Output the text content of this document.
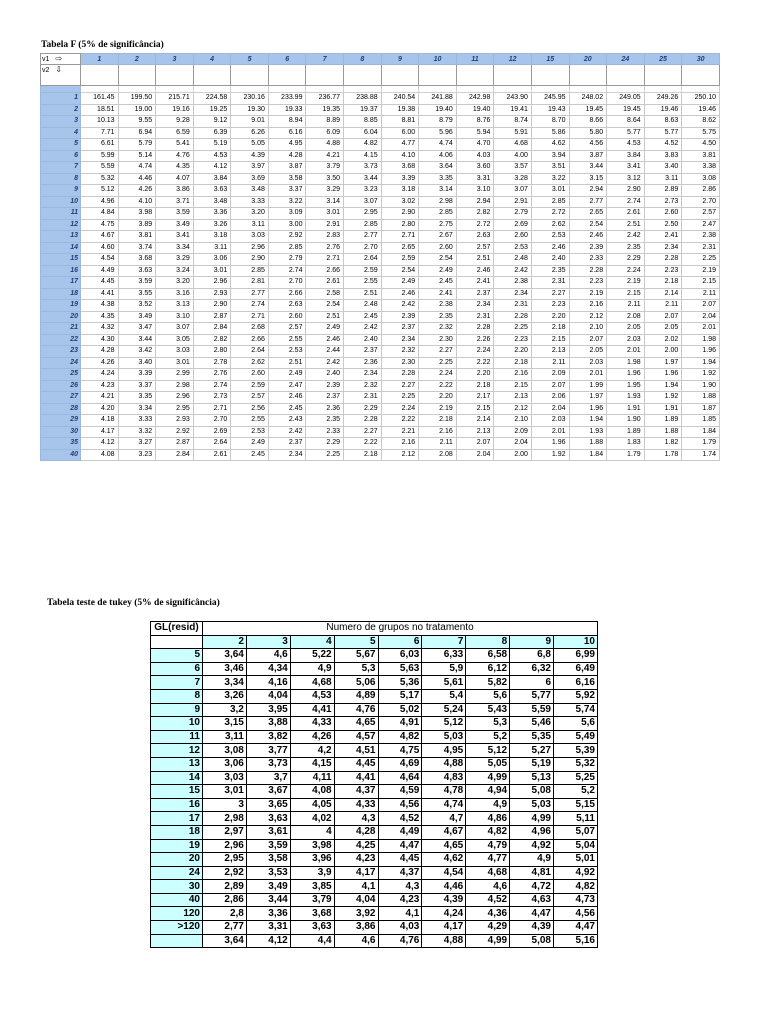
Tabela F (5% de significância)
v1 ⇨	1	2	3	4	5	6	7	8	9	10	11	12	15	20	24	25	30
v2 ⇩																	

1	161.45	199.50	215.71	224.58	230.16	233.99	236.77	238.88	240.54	241.88	242.98	243.90	245.95	248.02	249.05	249.26	250.10
2	18.51	19.00	19.16	19.25	19.30	19.33	19.35	19.37	19.38	19.40	19.40	19.41	19.43	19.45	19.45	19.46	19.46
3	10.13	9.55	9.28	9.12	9.01	8.94	8.89	8.85	8.81	8.79	8.76	8.74	8.70	8.66	8.64	8.63	8.62
4	7.71	6.94	6.59	6.39	6.26	6.16	6.09	6.04	6.00	5.96	5.94	5.91	5.86	5.80	5.77	5.77	5.75
5	6.61	5.79	5.41	5.19	5.05	4.95	4.88	4.82	4.77	4.74	4.70	4.68	4.62	4.56	4.53	4.52	4.50
6	5.99	5.14	4.76	4.53	4.39	4.28	4.21	4.15	4.10	4.06	4.03	4.00	3.94	3.87	3.84	3.83	3.81
7	5.59	4.74	4.35	4.12	3.97	3.87	3.79	3.73	3.68	3.64	3.60	3.57	3.51	3.44	3.41	3.40	3.38
8	5.32	4.46	4.07	3.84	3.69	3.58	3.50	3.44	3.39	3.35	3.31	3.28	3.22	3.15	3.12	3.11	3.08
9	5.12	4.26	3.86	3.63	3.48	3.37	3.29	3.23	3.18	3.14	3.10	3.07	3.01	2.94	2.90	2.89	2.86
10	4.96	4.10	3.71	3.48	3.33	3.22	3.14	3.07	3.02	2.98	2.94	2.91	2.85	2.77	2.74	2.73	2.70
11	4.84	3.98	3.59	3.36	3.20	3.09	3.01	2.95	2.90	2.85	2.82	2.79	2.72	2.65	2.61	2.60	2.57
12	4.75	3.89	3.49	3.26	3.11	3.00	2.91	2.85	2.80	2.75	2.72	2.69	2.62	2.54	2.51	2.50	2.47
13	4.67	3.81	3.41	3.18	3.03	2.92	2.83	2.77	2.71	2.67	2.63	2.60	2.53	2.46	2.42	2.41	2.38
14	4.60	3.74	3.34	3.11	2.96	2.85	2.76	2.70	2.65	2.60	2.57	2.53	2.46	2.39	2.35	2.34	2.31
15	4.54	3.68	3.29	3.06	2.90	2.79	2.71	2.64	2.59	2.54	2.51	2.48	2.40	2.33	2.29	2.28	2.25
16	4.49	3.63	3.24	3.01	2.85	2.74	2.66	2.59	2.54	2.49	2.46	2.42	2.35	2.28	2.24	2.23	2.19
17	4.45	3.59	3.20	2.96	2.81	2.70	2.61	2.55	2.49	2.45	2.41	2.38	2.31	2.23	2.19	2.18	2.15
18	4.41	3.55	3.16	2.93	2.77	2.66	2.58	2.51	2.46	2.41	2.37	2.34	2.27	2.19	2.15	2.14	2.11
19	4.38	3.52	3.13	2.90	2.74	2.63	2.54	2.48	2.42	2.38	2.34	2.31	2.23	2.16	2.11	2.11	2.07
20	4.35	3.49	3.10	2.87	2.71	2.60	2.51	2.45	2.39	2.35	2.31	2.28	2.20	2.12	2.08	2.07	2.04
21	4.32	3.47	3.07	2.84	2.68	2.57	2.49	2.42	2.37	2.32	2.28	2.25	2.18	2.10	2.05	2.05	2.01
22	4.30	3.44	3.05	2.82	2.66	2.55	2.46	2.40	2.34	2.30	2.26	2.23	2.15	2.07	2.03	2.02	1.98
23	4.28	3.42	3.03	2.80	2.64	2.53	2.44	2.37	2.32	2.27	2.24	2.20	2.13	2.05	2.01	2.00	1.96
24	4.26	3.40	3.01	2.78	2.62	2.51	2.42	2.36	2.30	2.25	2.22	2.18	2.11	2.03	1.98	1.97	1.94
25	4.24	3.39	2.99	2.76	2.60	2.49	2.40	2.34	2.28	2.24	2.20	2.16	2.09	2.01	1.96	1.96	1.92
26	4.23	3.37	2.98	2.74	2.59	2.47	2.39	2.32	2.27	2.22	2.18	2.15	2.07	1.99	1.95	1.94	1.90
27	4.21	3.35	2.96	2.73	2.57	2.46	2.37	2.31	2.25	2.20	2.17	2.13	2.06	1.97	1.93	1.92	1.88
28	4.20	3.34	2.95	2.71	2.56	2.45	2.36	2.29	2.24	2.19	2.15	2.12	2.04	1.96	1.91	1.91	1.87
29	4.18	3.33	2.93	2.70	2.55	2.43	2.35	2.28	2.22	2.18	2.14	2.10	2.03	1.94	1.90	1.89	1.85
30	4.17	3.32	2.92	2.69	2.53	2.42	2.33	2.27	2.21	2.16	2.13	2.09	2.01	1.93	1.89	1.88	1.84
35	4.12	3.27	2.87	2.64	2.49	2.37	2.29	2.22	2.16	2.11	2.07	2.04	1.96	1.88	1.83	1.82	1.79
40	4.08	3.23	2.84	2.61	2.45	2.34	2.25	2.18	2.12	2.08	2.04	2.00	1.92	1.84	1.79	1.78	1.74
Tabela teste de tukey (5% de significância)
GL(resid)	Numero de grupos no tratamento								
	2	3	4	5	6	7	8	9	10
5	3,64	4,6	5,22	5,67	6,03	6,33	6,58	6,8	6,99
6	3,46	4,34	4,9	5,3	5,63	5,9	6,12	6,32	6,49
7	3,34	4,16	4,68	5,06	5,36	5,61	5,82	6	6,16
8	3,26	4,04	4,53	4,89	5,17	5,4	5,6	5,77	5,92
9	3,2	3,95	4,41	4,76	5,02	5,24	5,43	5,59	5,74
10	3,15	3,88	4,33	4,65	4,91	5,12	5,3	5,46	5,6
11	3,11	3,82	4,26	4,57	4,82	5,03	5,2	5,35	5,49
12	3,08	3,77	4,2	4,51	4,75	4,95	5,12	5,27	5,39
13	3,06	3,73	4,15	4,45	4,69	4,88	5,05	5,19	5,32
14	3,03	3,7	4,11	4,41	4,64	4,83	4,99	5,13	5,25
15	3,01	3,67	4,08	4,37	4,59	4,78	4,94	5,08	5,2
16	3	3,65	4,05	4,33	4,56	4,74	4,9	5,03	5,15
17	2,98	3,63	4,02	4,3	4,52	4,7	4,86	4,99	5,11
18	2,97	3,61	4	4,28	4,49	4,67	4,82	4,96	5,07
19	2,96	3,59	3,98	4,25	4,47	4,65	4,79	4,92	5,04
20	2,95	3,58	3,96	4,23	4,45	4,62	4,77	4,9	5,01
24	2,92	3,53	3,9	4,17	4,37	4,54	4,68	4,81	4,92
30	2,89	3,49	3,85	4,1	4,3	4,46	4,6	4,72	4,82
40	2,86	3,44	3,79	4,04	4,23	4,39	4,52	4,63	4,73
120	2,8	3,36	3,68	3,92	4,1	4,24	4,36	4,47	4,56
>120	2,77	3,31	3,63	3,86	4,03	4,17	4,29	4,39	4,47
	3,64	4,12	4,4	4,6	4,76	4,88	4,99	5,08	5,16
